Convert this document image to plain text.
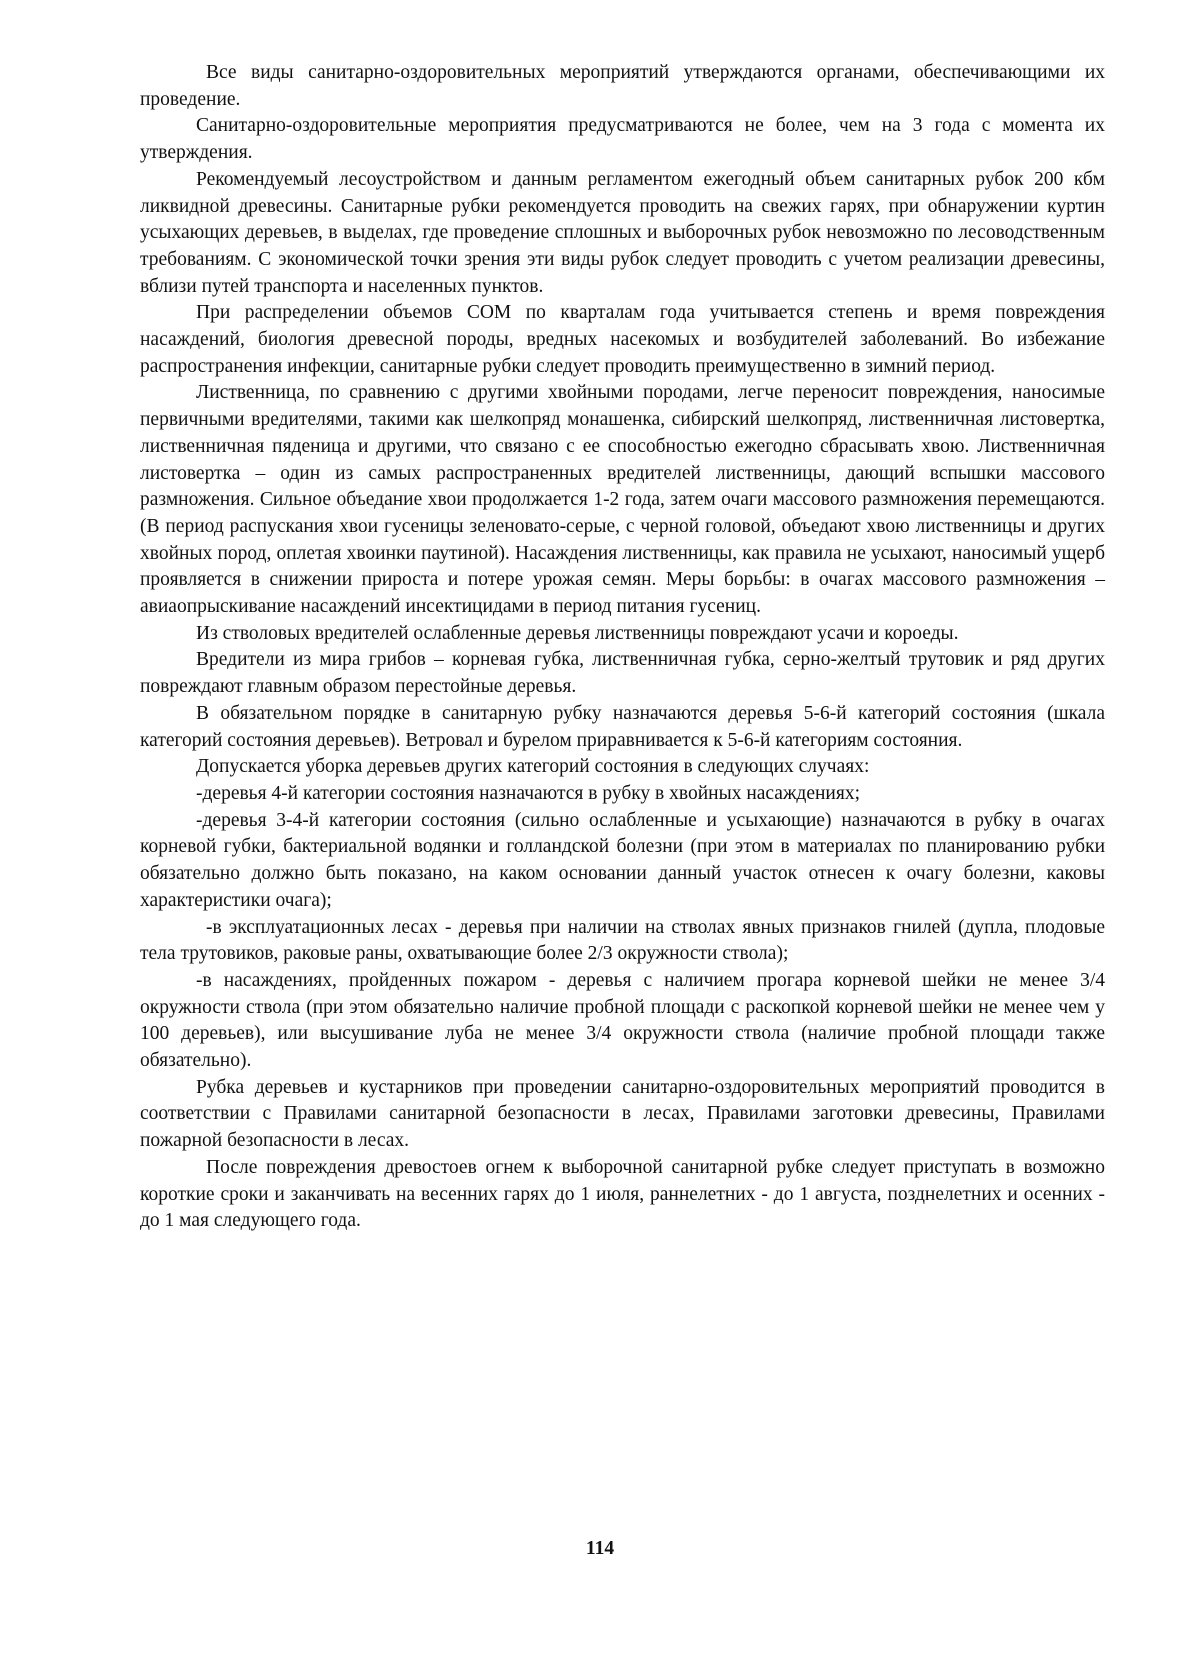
Все виды санитарно-оздоровительных мероприятий утверждаются органами, обеспечивающими их проведение.

Санитарно-оздоровительные мероприятия предусматриваются не более, чем на 3 года с момента их утверждения.

Рекомендуемый лесоустройством и данным регламентом ежегодный объем санитарных рубок 200 кбм ликвидной древесины. Санитарные рубки рекомендуется проводить на свежих гарях, при обнаружении куртин усыхающих деревьев, в выделах, где проведение сплошных и выборочных рубок невозможно по лесоводственным требованиям. С экономической точки зрения эти виды рубок следует проводить с учетом реализации древесины, вблизи путей транспорта и населенных пунктов.

При распределении объемов СОМ по кварталам года учитывается степень и время повреждения насаждений, биология древесной породы, вредных насекомых и возбудителей заболеваний. Во избежание распространения инфекции, санитарные рубки следует проводить преимущественно в зимний период.

Лиственница, по сравнению с другими хвойными породами, легче переносит повреждения, наносимые первичными вредителями, такими как шелкопряд монашенка, сибирский шелкопряд, лиственничная листовертка, лиственничная пяденица и другими, что связано с ее способностью ежегодно сбрасывать хвою. Лиственничная листовертка – один из самых распространенных вредителей лиственницы, дающий вспышки массового размножения. Сильное объедание хвои продолжается 1-2 года, затем очаги массового размножения перемещаются. (В период распускания хвои гусеницы зеленовато-серые, с черной головой, объедают хвою лиственницы и других хвойных пород, оплетая хвоинки паутиной). Насаждения лиственницы, как правила не усыхают, наносимый ущерб проявляется в снижении прироста и потере урожая семян. Меры борьбы: в очагах массового размножения – авиаопрыскивание насаждений инсектицидами в период питания гусениц.

Из стволовых вредителей ослабленные деревья лиственницы повреждают усачи и короеды.

Вредители из мира грибов – корневая губка, лиственничная губка, серно-желтый трутовик и ряд других повреждают главным образом перестойные деревья.

В обязательном порядке в санитарную рубку назначаются деревья 5-6-й категорий состояния (шкала категорий состояния деревьев). Ветровал и бурелом приравнивается к 5-6-й категориям состояния.

Допускается уборка деревьев других категорий состояния в следующих случаях:

-деревья 4-й категории состояния назначаются в рубку в хвойных насаждениях;

-деревья 3-4-й категории состояния (сильно ослабленные и усыхающие) назначаются в рубку в очагах корневой губки, бактериальной водянки и голландской болезни (при этом в материалах по планированию рубки обязательно должно быть показано, на каком основании данный участок отнесен к очагу болезни, каковы характеристики очага);

-в эксплуатационных лесах - деревья при наличии на стволах явных признаков гнилей (дупла, плодовые тела трутовиков, раковые раны, охватывающие более 2/3 окружности ствола);

-в насаждениях, пройденных пожаром - деревья с наличием прогара корневой шейки не менее 3/4 окружности ствола (при этом обязательно наличие пробной площади с раскопкой корневой шейки не менее чем у 100 деревьев), или высушивание луба не менее 3/4 окружности ствола (наличие пробной площади также обязательно).

Рубка деревьев и кустарников при проведении санитарно-оздоровительных мероприятий проводится в соответствии с Правилами санитарной безопасности в лесах, Правилами заготовки древесины, Правилами пожарной безопасности в лесах.

После повреждения древостоев огнем к выборочной санитарной рубке следует приступать в возможно короткие сроки и заканчивать на весенних гарях до 1 июля, раннелетних - до 1 августа, позднелетних и осенних - до 1 мая следующего года.

114
